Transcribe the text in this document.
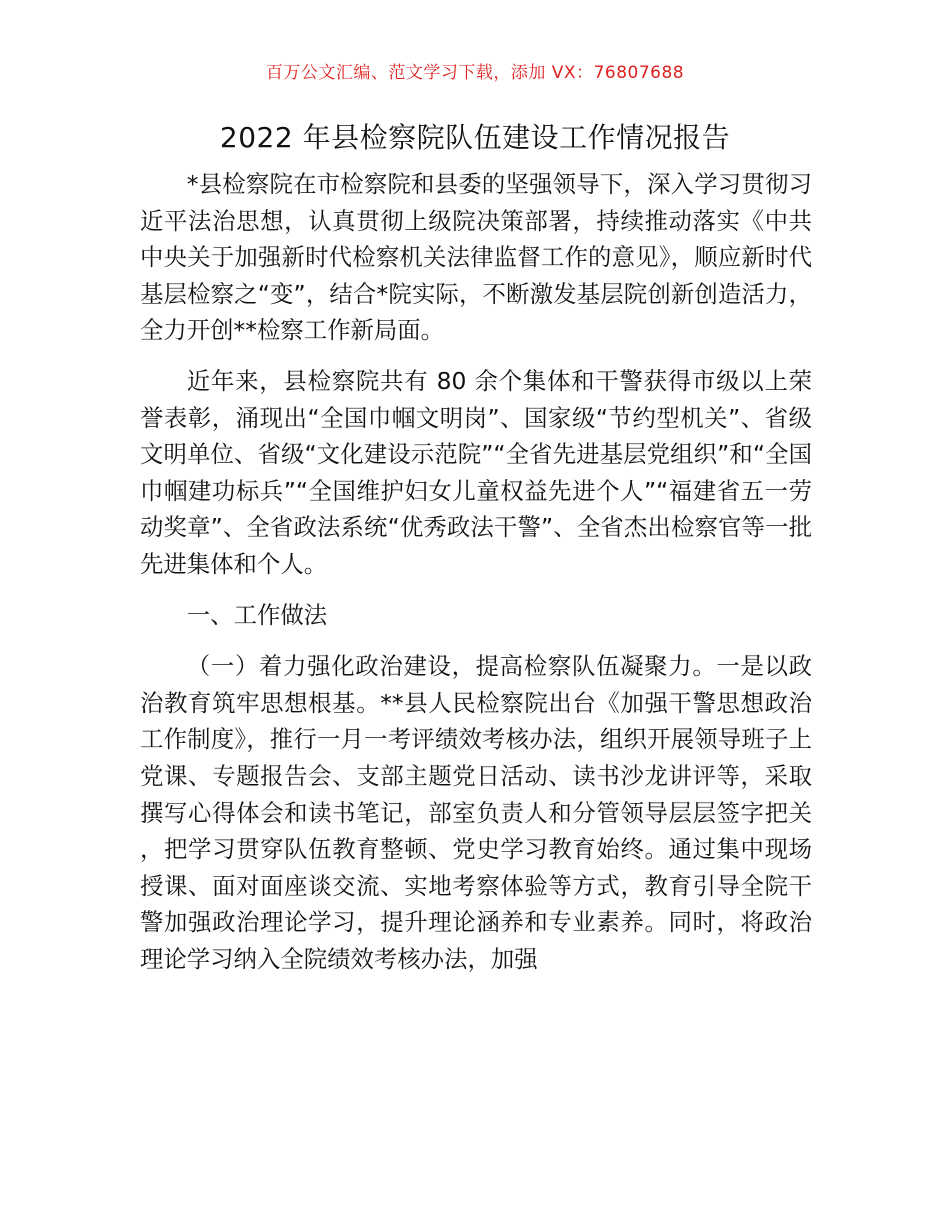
百万公文汇编、范文学习下载，添加 VX：76807688
2022 年县检察院队伍建设工作情况报告

*县检察院在市检察院和县委的坚强领导下，深入学习贯彻习近平法治思想，认真贯彻上级院决策部署，持续推动落实《中共中央关于加强新时代检察机关法律监督工作的意见》，顺应新时代基层检察之“变”，结合*院实际，不断激发基层院创新创造活力，全力开创**检察工作新局面。

近年来，县检察院共有 80 余个集体和干警获得市级以上荣誉表彰，涌现出“全国巾帼文明岗”、国家级“节约型机关”、省级文明单位、省级“文化建设示范院”“全省先进基层党组织”和“全国巾帼建功标兵”“全国维护妇女儿童权益先进个人”“福建省五一劳动奖章”、全省政法系统“优秀政法干警”、全省杰出检察官等一批先进集体和个人。

一、工作做法

（一）着力强化政治建设，提高检察队伍凝聚力。一是以政治教育筑牢思想根基。**县人民检察院出台《加强干警思想政治工作制度》，推行一月一考评绩效考核办法，组织开展领导班子上党课、专题报告会、支部主题党日活动、读书沙龙讲评等，采取撰写心得体会和读书笔记，部室负责人和分管领导层层签字把关，把学习贯穿队伍教育整顿、党史学习教育始终。通过集中现场授课、面对面座谈交流、实地考察体验等方式，教育引导全院干警加强政治理论学习，提升理论涵养和专业素养。同时，将政治理论学习纳入全院绩效考核办法，加强
